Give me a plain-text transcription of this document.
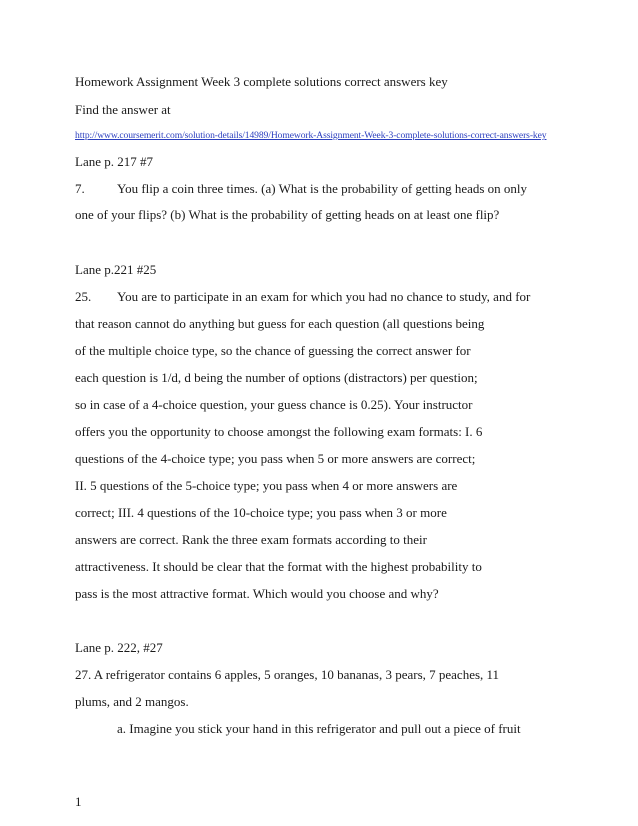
Homework Assignment Week 3 complete solutions correct answers key
Find the answer at
http://www.coursemerit.com/solution-details/14989/Homework-Assignment-Week-3-complete-solutions-correct-answers-key
Lane p. 217 #7
7. You flip a coin three times. (a) What is the probability of getting heads on only
one of your flips? (b) What is the probability of getting heads on at least one flip?
Lane p.221 #25
25. You are to participate in an exam for which you had no chance to study, and for
that reason cannot do anything but guess for each question (all questions being
of the multiple choice type, so the chance of guessing the correct answer for
each question is 1/d, d being the number of options (distractors) per question;
so in case of a 4-choice question, your guess chance is 0.25). Your instructor
offers you the opportunity to choose amongst the following exam formats: I. 6
questions of the 4-choice type; you pass when 5 or more answers are correct;
II. 5 questions of the 5-choice type; you pass when 4 or more answers are
correct; III. 4 questions of the 10-choice type; you pass when 3 or more
answers are correct. Rank the three exam formats according to their
attractiveness. It should be clear that the format with the highest probability to
pass is the most attractive format. Which would you choose and why?
Lane p. 222, #27
27. A refrigerator contains 6 apples, 5 oranges, 10 bananas, 3 pears, 7 peaches, 11
plums, and 2 mangos.
a. Imagine you stick your hand in this refrigerator and pull out a piece of fruit
1
